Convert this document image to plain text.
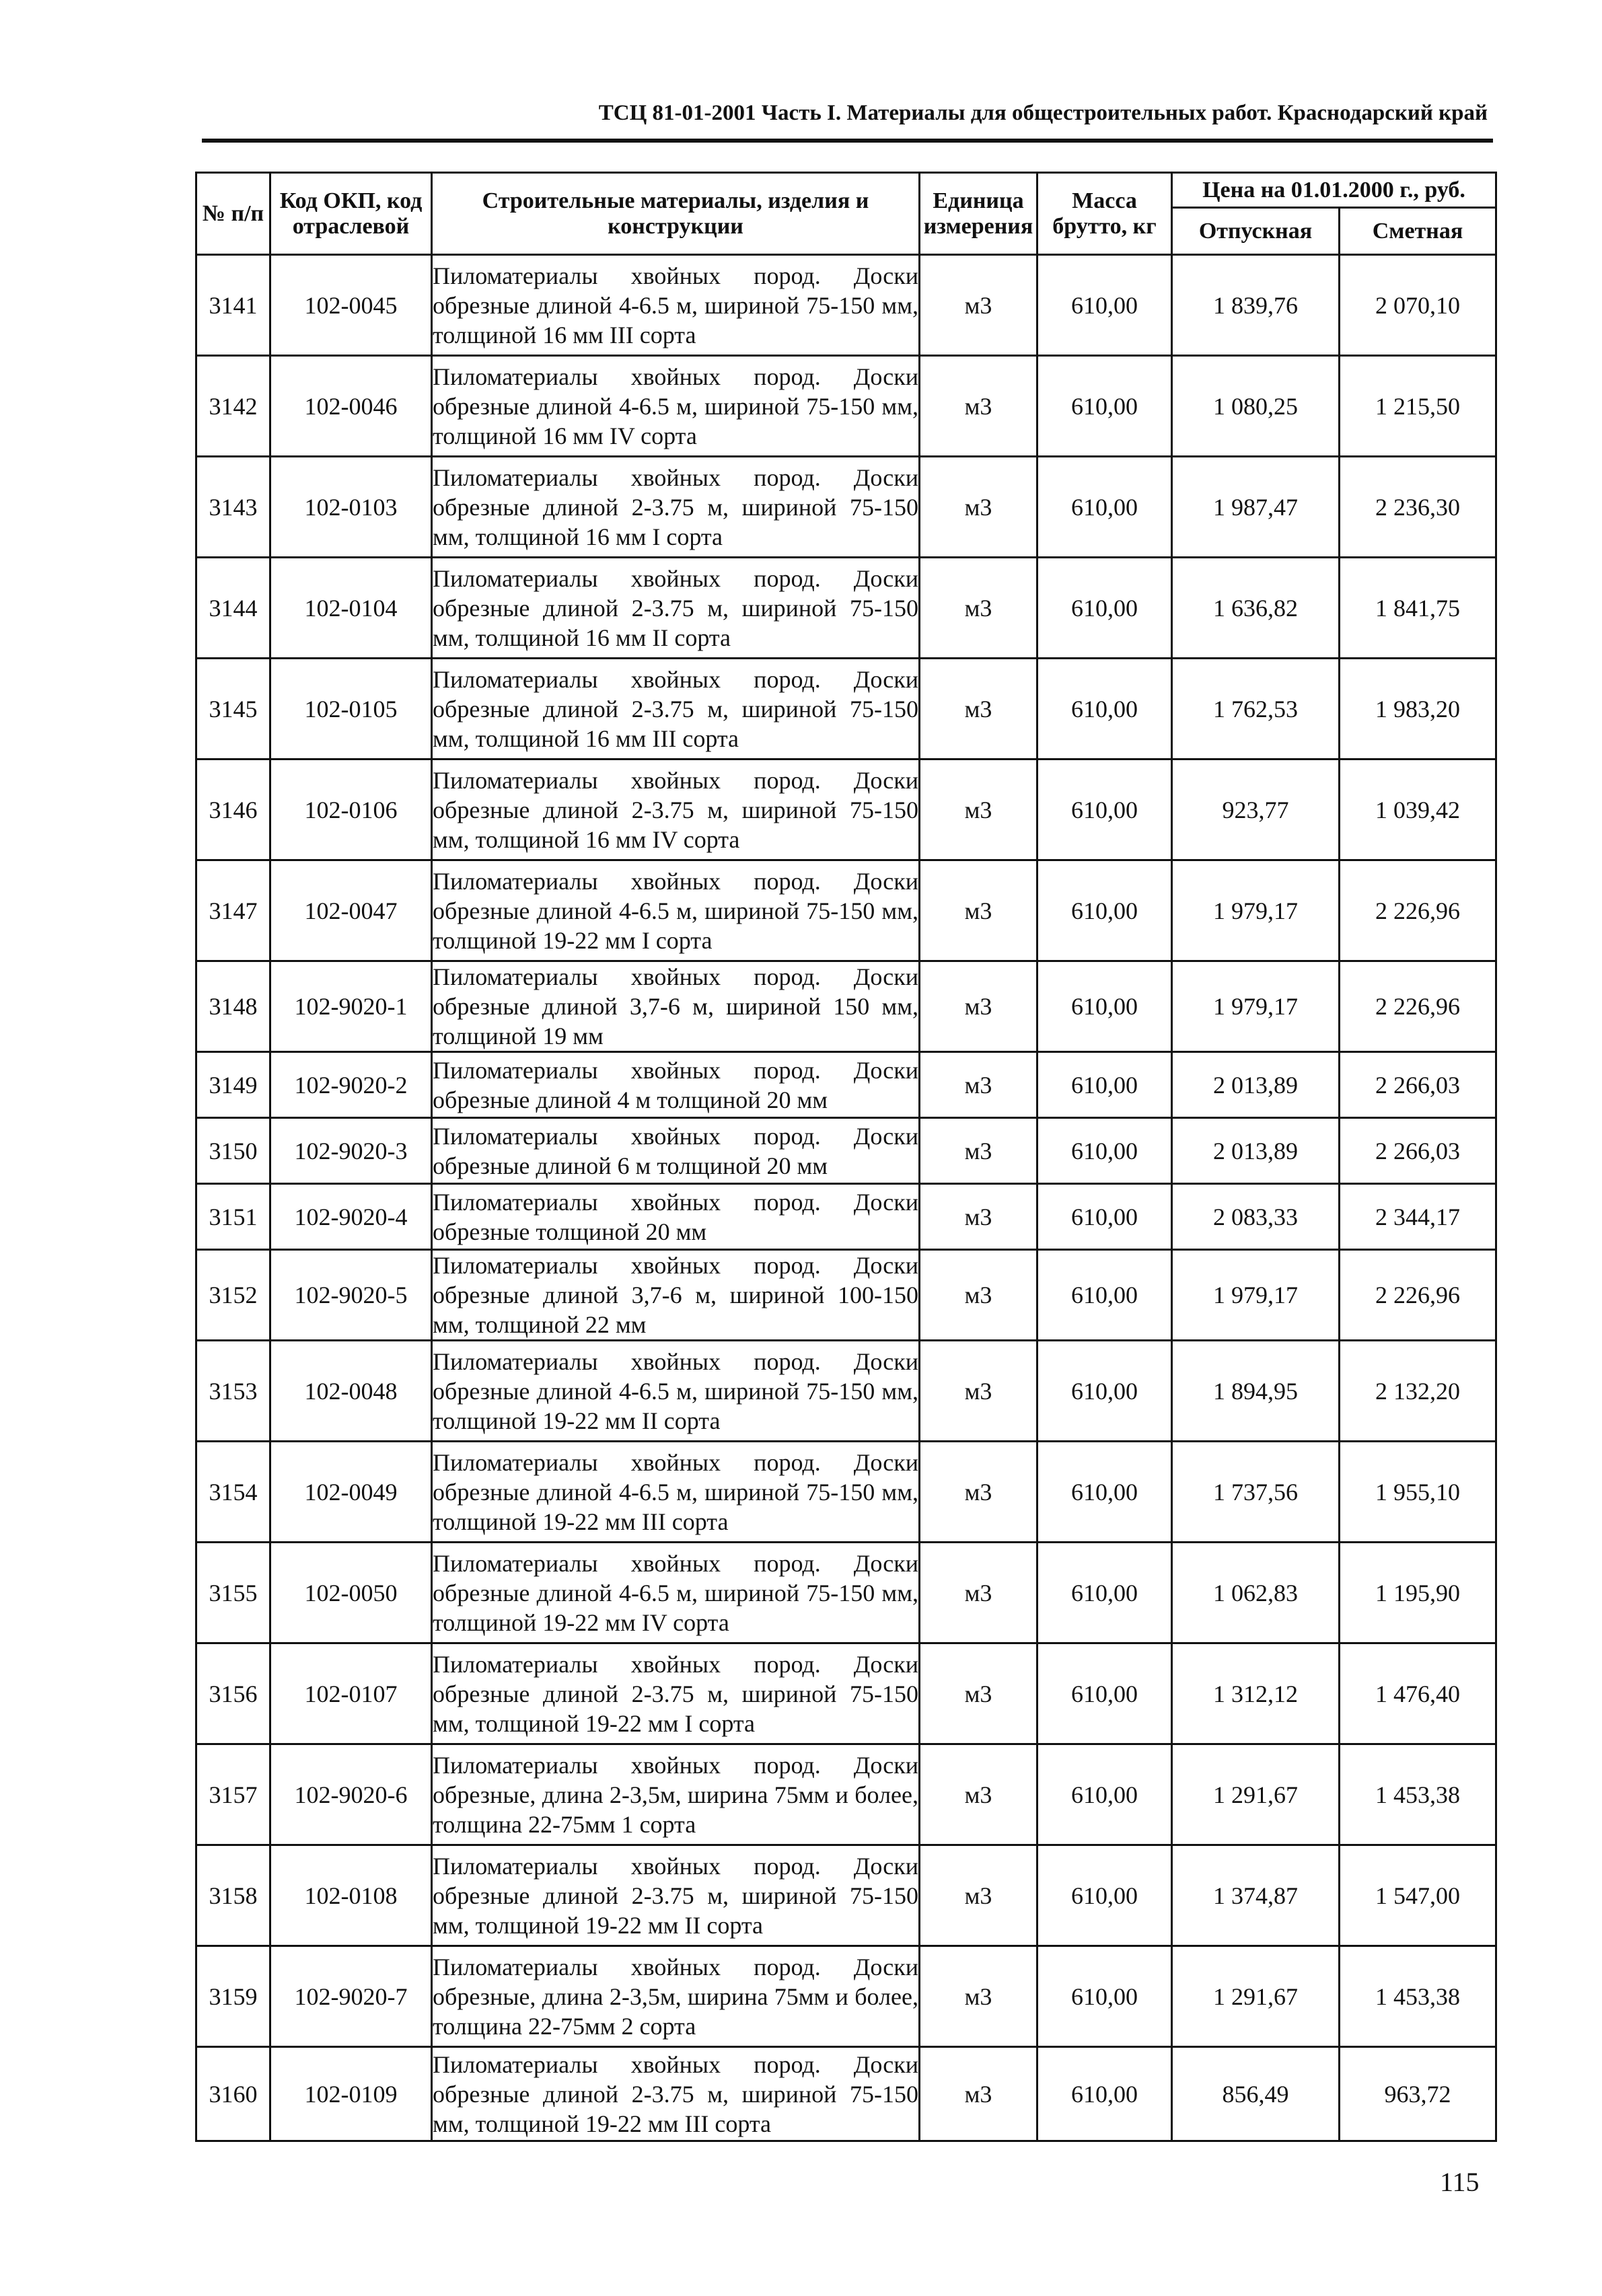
ТСЦ 81-01-2001 Часть I. Материалы для общестроительных работ. Краснодарский край
№ п/п	Код ОКП, код отраслевой	Строительные материалы, изделия и конструкции	Единица измерения	Масса брутто, кг	Цена на 01.01.2000 г., руб.	
					Отпускная	Сметная
3141	102-0045	Пиломатериалы хвойных пород. Доски обрезные длиной 4-6.5 м, шириной 75-150 мм, толщиной 16 мм III сорта	м3	610,00	1 839,76	2 070,10
3142	102-0046	Пиломатериалы хвойных пород. Доски обрезные длиной 4-6.5 м, шириной 75-150 мм, толщиной 16 мм IV сорта	м3	610,00	1 080,25	1 215,50
3143	102-0103	Пиломатериалы хвойных пород. Доски обрезные длиной 2-3.75 м, шириной 75-150 мм, толщиной 16 мм I сорта	м3	610,00	1 987,47	2 236,30
3144	102-0104	Пиломатериалы хвойных пород. Доски обрезные длиной 2-3.75 м, шириной 75-150 мм, толщиной 16 мм II сорта	м3	610,00	1 636,82	1 841,75
3145	102-0105	Пиломатериалы хвойных пород. Доски обрезные длиной 2-3.75 м, шириной 75-150 мм, толщиной 16 мм III сорта	м3	610,00	1 762,53	1 983,20
3146	102-0106	Пиломатериалы хвойных пород. Доски обрезные длиной 2-3.75 м, шириной 75-150 мм, толщиной 16 мм IV сорта	м3	610,00	923,77	1 039,42
3147	102-0047	Пиломатериалы хвойных пород. Доски обрезные длиной 4-6.5 м, шириной 75-150 мм, толщиной 19-22 мм I сорта	м3	610,00	1 979,17	2 226,96
3148	102-9020-1	Пиломатериалы хвойных пород. Доски обрезные длиной 3,7-6 м, шириной 150 мм, толщиной 19 мм	м3	610,00	1 979,17	2 226,96
3149	102-9020-2	Пиломатериалы хвойных пород. Доски обрезные длиной 4 м толщиной 20 мм	м3	610,00	2 013,89	2 266,03
3150	102-9020-3	Пиломатериалы хвойных пород. Доски обрезные длиной 6 м толщиной 20 мм	м3	610,00	2 013,89	2 266,03
3151	102-9020-4	Пиломатериалы хвойных пород. Доски обрезные толщиной 20 мм	м3	610,00	2 083,33	2 344,17
3152	102-9020-5	Пиломатериалы хвойных пород. Доски обрезные длиной 3,7-6 м, шириной 100-150 мм, толщиной 22 мм	м3	610,00	1 979,17	2 226,96
3153	102-0048	Пиломатериалы хвойных пород. Доски обрезные длиной 4-6.5 м, шириной 75-150 мм, толщиной 19-22 мм II сорта	м3	610,00	1 894,95	2 132,20
3154	102-0049	Пиломатериалы хвойных пород. Доски обрезные длиной 4-6.5 м, шириной 75-150 мм, толщиной 19-22 мм III сорта	м3	610,00	1 737,56	1 955,10
3155	102-0050	Пиломатериалы хвойных пород. Доски обрезные длиной 4-6.5 м, шириной 75-150 мм, толщиной 19-22 мм IV сорта	м3	610,00	1 062,83	1 195,90
3156	102-0107	Пиломатериалы хвойных пород. Доски обрезные длиной 2-3.75 м, шириной 75-150 мм, толщиной 19-22 мм I сорта	м3	610,00	1 312,12	1 476,40
3157	102-9020-6	Пиломатериалы хвойных пород. Доски обрезные, длина 2-3,5м, ширина 75мм и более, толщина 22-75мм 1 сорта	м3	610,00	1 291,67	1 453,38
3158	102-0108	Пиломатериалы хвойных пород. Доски обрезные длиной 2-3.75 м, шириной 75-150 мм, толщиной 19-22 мм II сорта	м3	610,00	1 374,87	1 547,00
3159	102-9020-7	Пиломатериалы хвойных пород. Доски обрезные, длина 2-3,5м, ширина 75мм и более, толщина 22-75мм 2 сорта	м3	610,00	1 291,67	1 453,38
3160	102-0109	Пиломатериалы хвойных пород. Доски обрезные длиной 2-3.75 м, шириной 75-150 мм, толщиной 19-22 мм III сорта	м3	610,00	856,49	963,72
115
